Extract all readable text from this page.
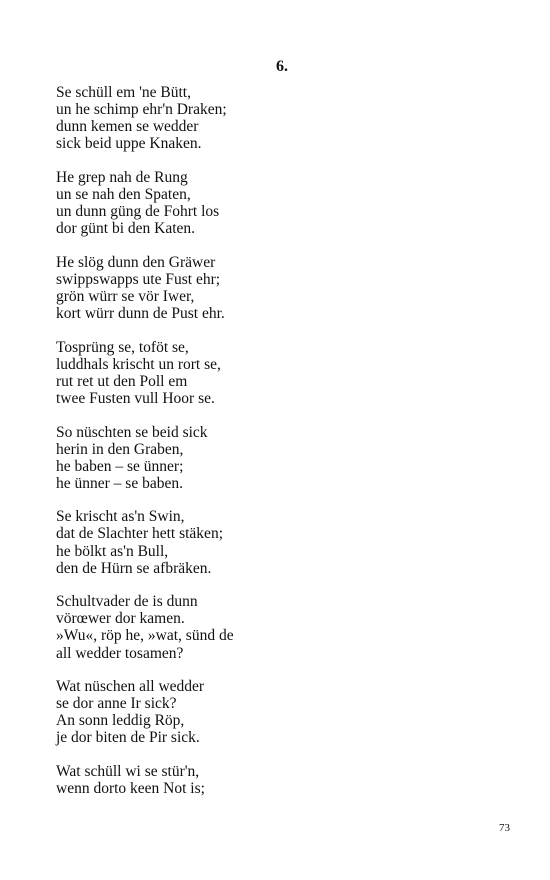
6.

Se schüll em 'ne Bütt,
un he schimp ehr'n Draken;
dunn kemen se wedder
sick beid uppe Knaken.

He grep nah de Rung
un se nah den Spaten,
un dunn güng de Fohrt los
dor günt bi den Katen.

He slög dunn den Gräwer
swippswapps ute Fust ehr;
grön würr se vör Iwer,
kort würr dunn de Pust ehr.

Tosprüng se, toföt se,
luddhals krischt un rort se,
rut ret ut den Poll em
twee Fusten vull Hoor se.

So nüschten se beid sick
herin in den Graben,
he baben – se ünner;
he ünner – se baben.

Se krischt as'n Swin,
dat de Slachter hett stäken;
he bölkt as'n Bull,
den de Hürn se afbräken.

Schultvader de is dunn
vörœwer dor kamen.
»Wu«, röp he, »wat, sünd de
all wedder tosamen?

Wat nüschen all wedder
se dor anne Ir sick?
An sonn leddig Röp,
je dor biten de Pir sick.

Wat schüll wi se stür'n,
wenn dorto keen Not is;

73
